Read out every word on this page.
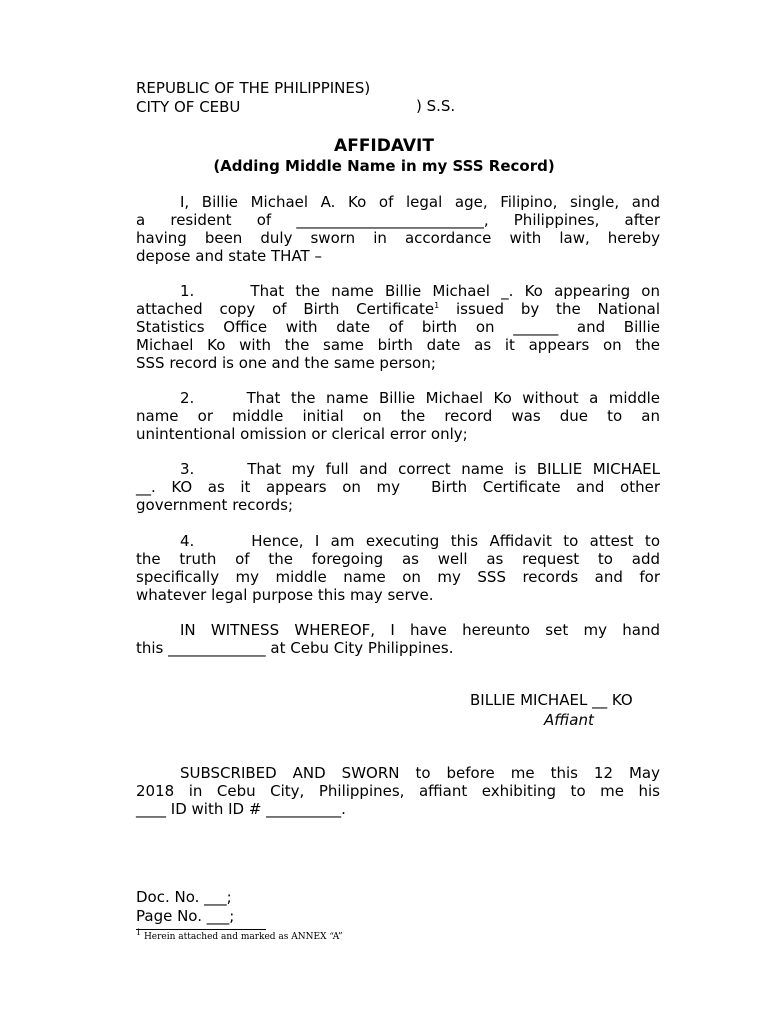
REPUBLIC OF THE PHILIPPINES)
CITY OF CEBU	) S.S.
AFFIDAVIT
(Adding Middle Name in my SSS Record)

I, Billie Michael A. Ko of legal age, Filipino, single, and
a resident of _________________________, Philippines, after
having been duly sworn in accordance with law, hereby
depose and state THAT –

1.     That the name Billie Michael _. Ko appearing on
attached copy of Birth Certificate$^1$ issued by the National
Statistics Office with date of birth on ______ and Billie
Michael Ko with the same birth date as it appears on the
SSS record is one and the same person;

2.     That the name Billie Michael Ko without a middle
name or middle initial on the record was due to an
unintentional omission or clerical error only;

3.     That my full and correct name is BILLIE MICHAEL
__. KO as it appears on my  Birth Certificate and other
government records;

4.     Hence, I am executing this Affidavit to attest to
the truth of the foregoing as well as request to add
specifically my middle name on my SSS records and for
whatever legal purpose this may serve.

IN WITNESS WHEREOF, I have hereunto set my hand
this _____________ at Cebu City Philippines.

BILLIE MICHAEL __ KO
Affiant

SUBSCRIBED AND SWORN to before me this 12 May
2018 in Cebu City, Philippines, affiant exhibiting to me his
____ ID with ID # __________.

Doc. No. ___;
Page No. ___;
$^1$ Herein attached and marked as ANNEX “A”
